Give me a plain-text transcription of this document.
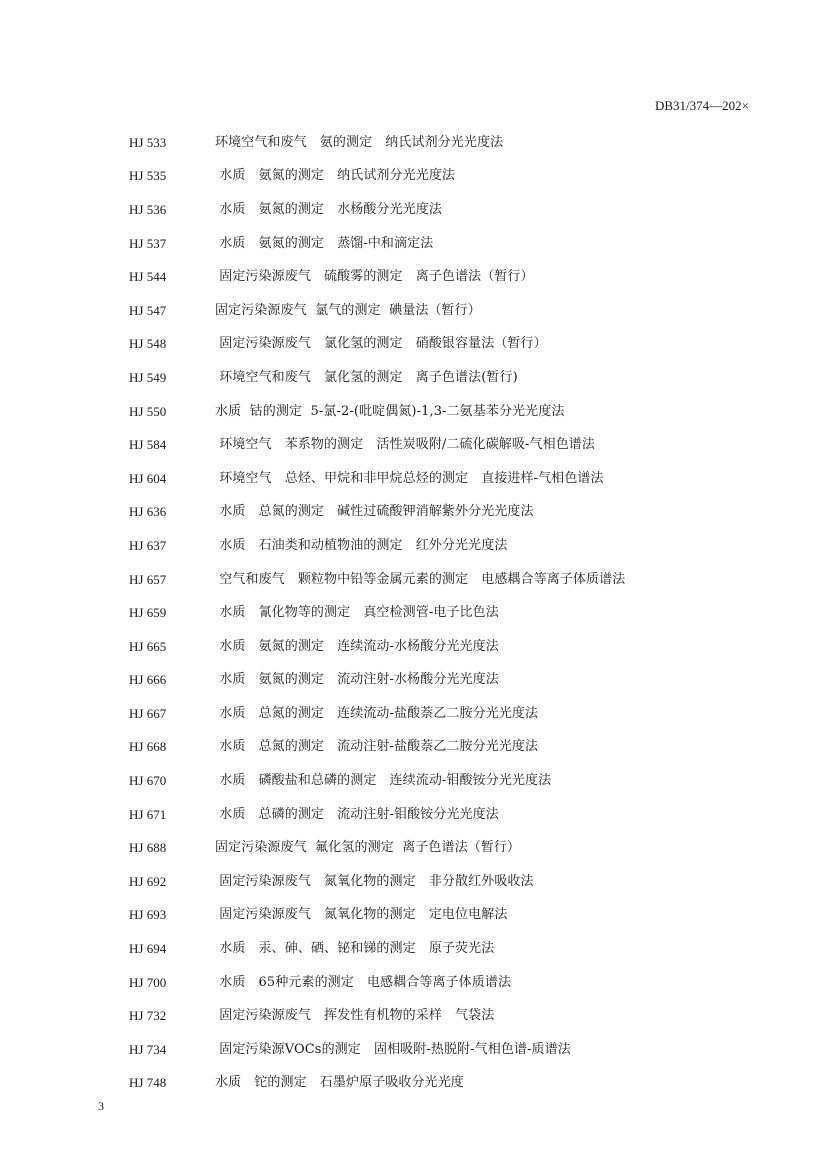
DB31/374—202×
HJ 533	环境空气和废气　氨的测定　纳氏试剂分光光度法
HJ 535	水质　氨氮的测定　纳氏试剂分光光度法
HJ 536	水质　氨氮的测定　水杨酸分光光度法
HJ 537	水质　氨氮的测定　蒸馏-中和滴定法
HJ 544	固定污染源废气　硫酸雾的测定　离子色谱法（暂行）
HJ 547	固定污染源废气  氯气的测定  碘量法（暂行）
HJ 548	固定污染源废气　氯化氢的测定　硝酸银容量法（暂行）
HJ 549	环境空气和废气　氯化氢的测定　离子色谱法(暂行)
HJ 550	水质  钴的测定  5-氯-2-(吡啶偶氮)-1,3-二氨基苯分光光度法
HJ 584	环境空气　苯系物的测定　活性炭吸附/二硫化碳解吸-气相色谱法
HJ 604	环境空气　总烃、甲烷和非甲烷总烃的测定　直接进样-气相色谱法
HJ 636	水质　总氮的测定　碱性过硫酸钾消解紫外分光光度法
HJ 637	水质　石油类和动植物油的测定　红外分光光度法
HJ 657	空气和废气　颗粒物中铅等金属元素的测定　电感耦合等离子体质谱法
HJ 659	水质　氰化物等的测定　真空检测管-电子比色法
HJ 665	水质　氨氮的测定　连续流动-水杨酸分光光度法
HJ 666	水质　氨氮的测定　流动注射-水杨酸分光光度法
HJ 667	水质　总氮的测定　连续流动-盐酸萘乙二胺分光光度法
HJ 668	水质　总氮的测定　流动注射-盐酸萘乙二胺分光光度法
HJ 670	水质　磷酸盐和总磷的测定　连续流动-钼酸铵分光光度法
HJ 671	水质　总磷的测定　流动注射-钼酸铵分光光度法
HJ 688	固定污染源废气  氟化氢的测定  离子色谱法（暂行）
HJ 692	固定污染源废气　氮氧化物的测定　非分散红外吸收法
HJ 693	固定污染源废气　氮氧化物的测定　定电位电解法
HJ 694	水质　汞、砷、硒、铋和锑的测定　原子荧光法
HJ 700	水质　65种元素的测定　电感耦合等离子体质谱法
HJ 732	固定污染源废气　挥发性有机物的采样　气袋法
HJ 734	固定污染源VOCs的测定　固相吸附-热脱附-气相色谱-质谱法
HJ 748	水质　铊的测定　石墨炉原子吸收分光光度
3
